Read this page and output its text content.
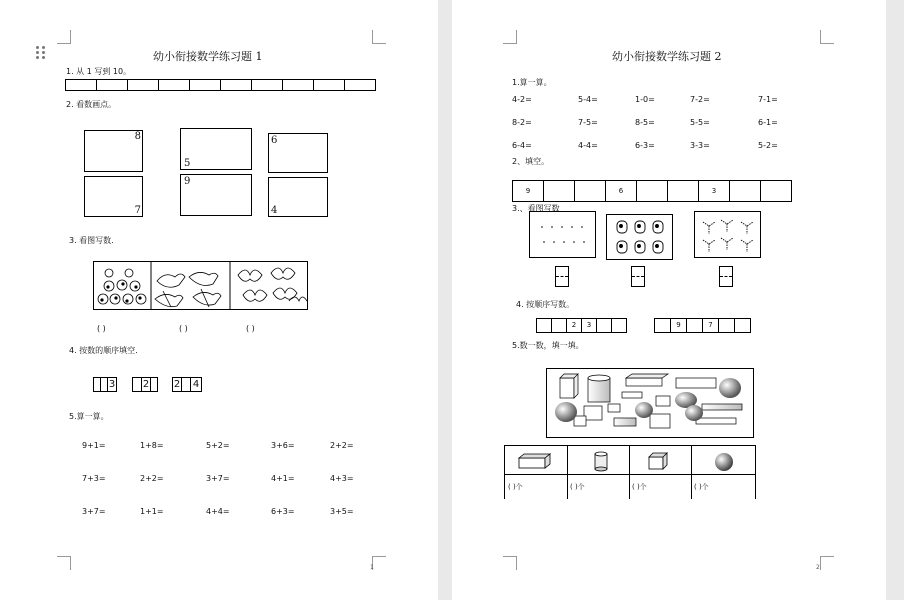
幼小衔接数学练习题 1
1. 从 1 写到 10。
2. 看数画点。
8
5
6
7
9
4
3. 看图写数.
( )	( )	( )
4. 按数的顺序填空.
3	2 2 4
5.算一算。
9+1=	1+8=	5+2=	3+6=	2+2=
7+3=	2+2=	3+7=	4+1=	4+3=
3+7=	1+1=	4+4=	6+3=	3+5=
1
幼小衔接数学练习题 2
1.算一算。
4-2=	5-4=	1-0=	7-2=	7-1=
8-2=	7-5=	8-5=	5-5=	6-1=
6-4=	4-4=	6-3=	3-3=	5-2=
2、填空。
9	6	3
3.、看图写数
4. 按顺序写数。
2	3	9	7
5.数一数，填一填。
( )个	( )个	( )个	( )个
2
